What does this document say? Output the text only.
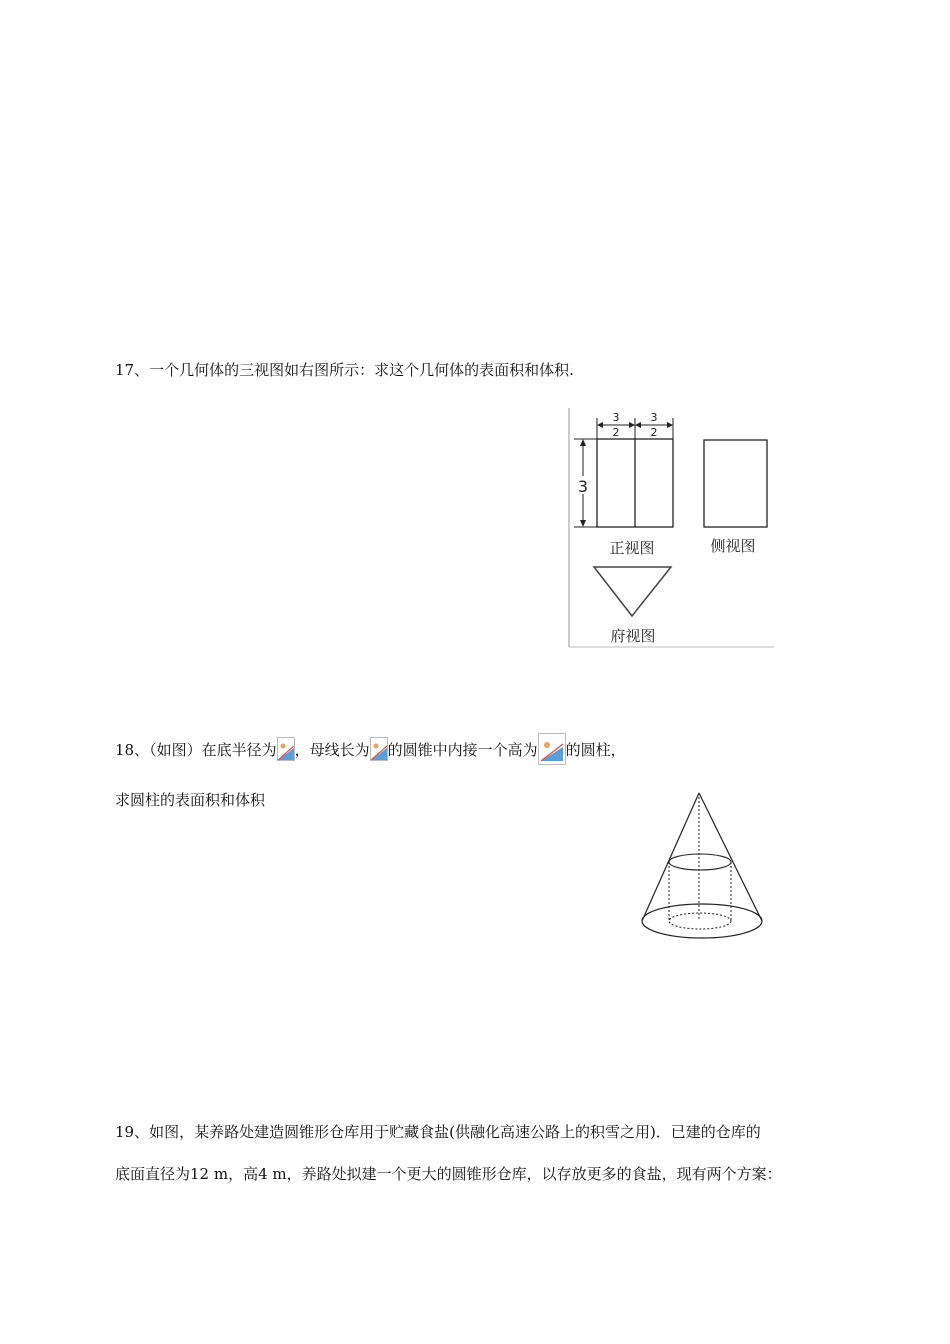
17、一个几何体的三视图如右图所示：求这个几何体的表面积和体积.
3
2
3
2
3
正视图	侧视图
府视图
18、（如图）在底半径为 ，母线长为 的圆锥中内接一个高为 的圆柱，
求圆柱的表面积和体积
19、如图，某养路处建造圆锥形仓库用于贮藏食盐(供融化高速公路上的积雪之用)．已建的仓库的
底面直径为12 m，高4 m，养路处拟建一个更大的圆锥形仓库，以存放更多的食盐，现有两个方案：
